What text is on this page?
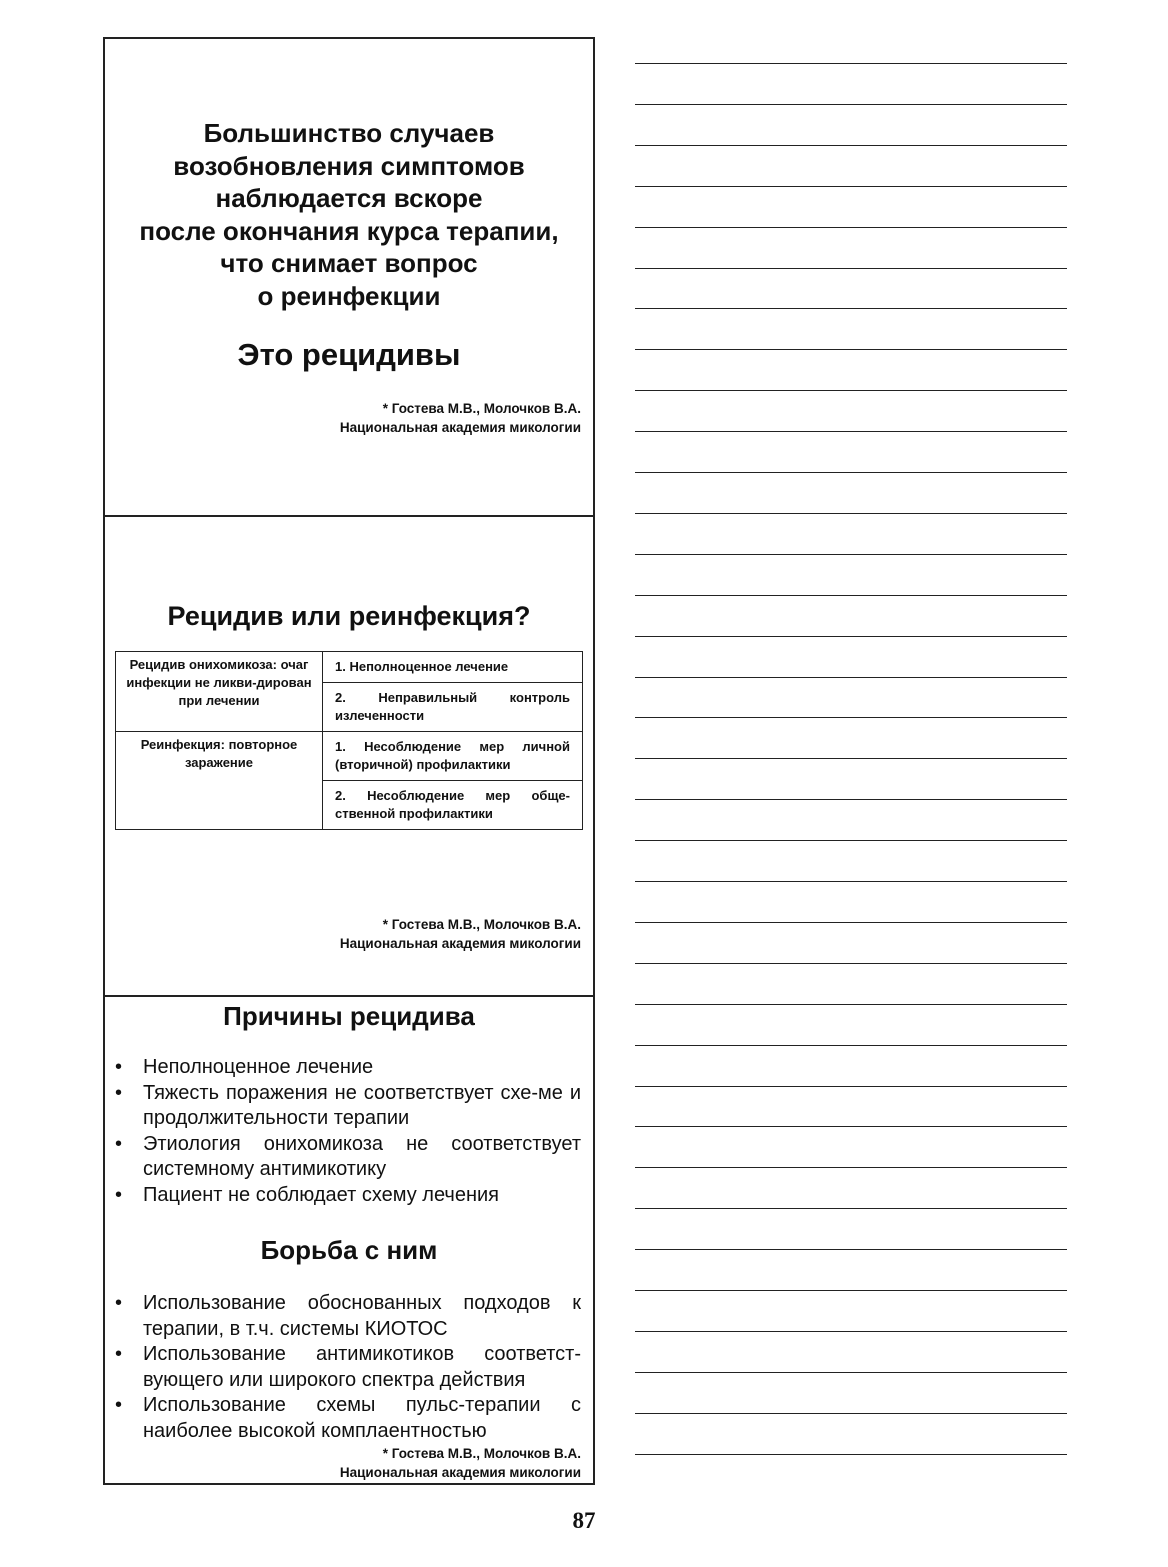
Большинство случаев
возобновления симптомов
наблюдается вскоре
после окончания курса терапии,
что снимает вопрос
о реинфекции
Это рецидивы
* Гостева М.В., Молочков В.А.
Национальная академия микологии
Рецидив или реинфекция?
Рецидив онихомикоза: очаг инфекции не ликви-дирован при лечении	1. Неполноценное лечение
	2. Неправильный контроль излеченности
Реинфекция: повторное заражение	1. Несоблюдение мер личной (вторичной) профилактики
	2. Несоблюдение мер обще-ственной профилактики
* Гостева М.В., Молочков В.А.
Национальная академия микологии
Причины рецидива
• Неполноценное лечение
• Тяжесть поражения не соответствует схе-ме и продолжительности терапии
• Этиология онихомикоза не соответствует системному антимикотику
• Пациент не соблюдает схему лечения
Борьба с ним
• Использование обоснованных подходов к терапии, в т.ч. системы КИОТОС
• Использование антимикотиков соответст-вующего или широкого спектра действия
• Использование схемы пульс-терапии с наиболее высокой комплаентностью
* Гостева М.В., Молочков В.А.
Национальная академия микологии
87
